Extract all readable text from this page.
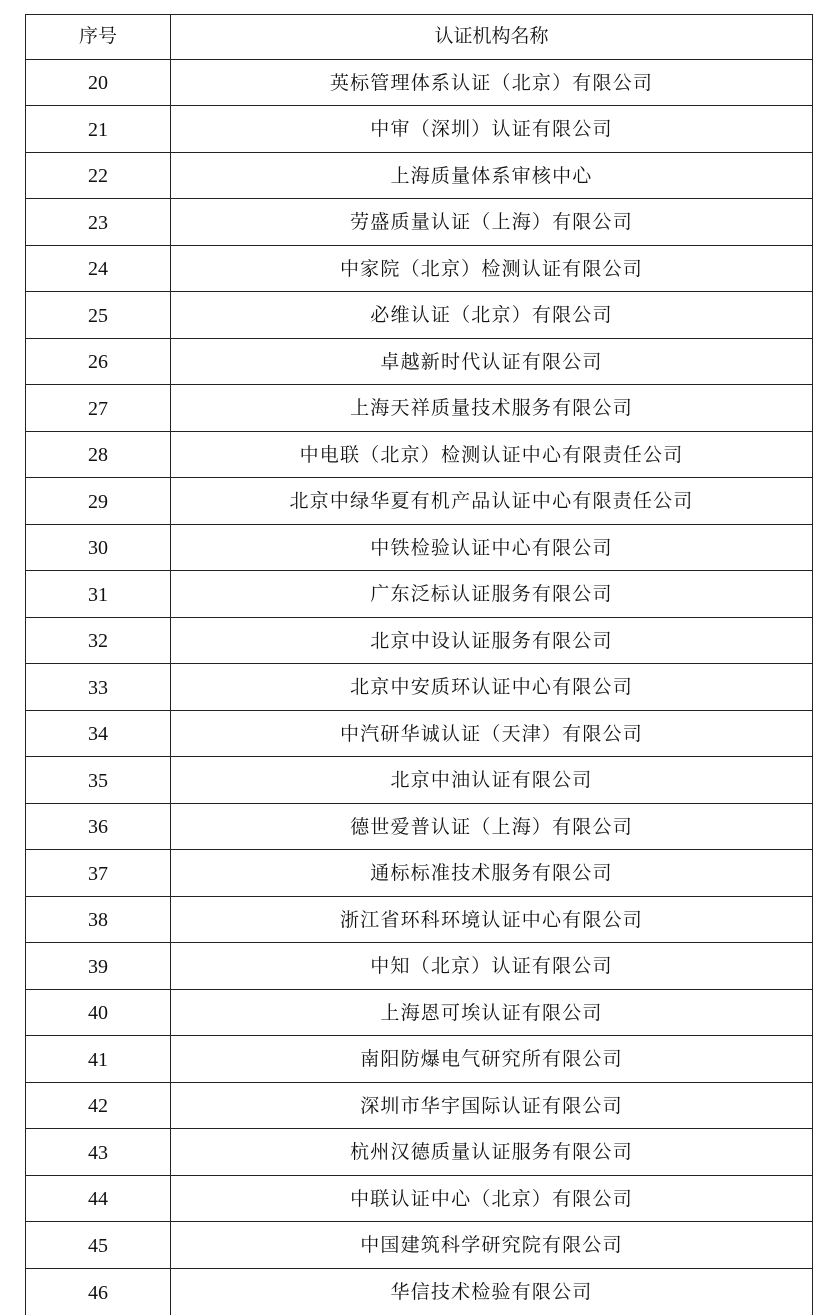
序号	认证机构名称
20	英标管理体系认证（北京）有限公司
21	中审（深圳）认证有限公司
22	上海质量体系审核中心
23	劳盛质量认证（上海）有限公司
24	中家院（北京）检测认证有限公司
25	必维认证（北京）有限公司
26	卓越新时代认证有限公司
27	上海天祥质量技术服务有限公司
28	中电联（北京）检测认证中心有限责任公司
29	北京中绿华夏有机产品认证中心有限责任公司
30	中铁检验认证中心有限公司
31	广东泛标认证服务有限公司
32	北京中设认证服务有限公司
33	北京中安质环认证中心有限公司
34	中汽研华诚认证（天津）有限公司
35	北京中油认证有限公司
36	德世爱普认证（上海）有限公司
37	通标标准技术服务有限公司
38	浙江省环科环境认证中心有限公司
39	中知（北京）认证有限公司
40	上海恩可埃认证有限公司
41	南阳防爆电气研究所有限公司
42	深圳市华宇国际认证有限公司
43	杭州汉德质量认证服务有限公司
44	中联认证中心（北京）有限公司
45	中国建筑科学研究院有限公司
46	华信技术检验有限公司
